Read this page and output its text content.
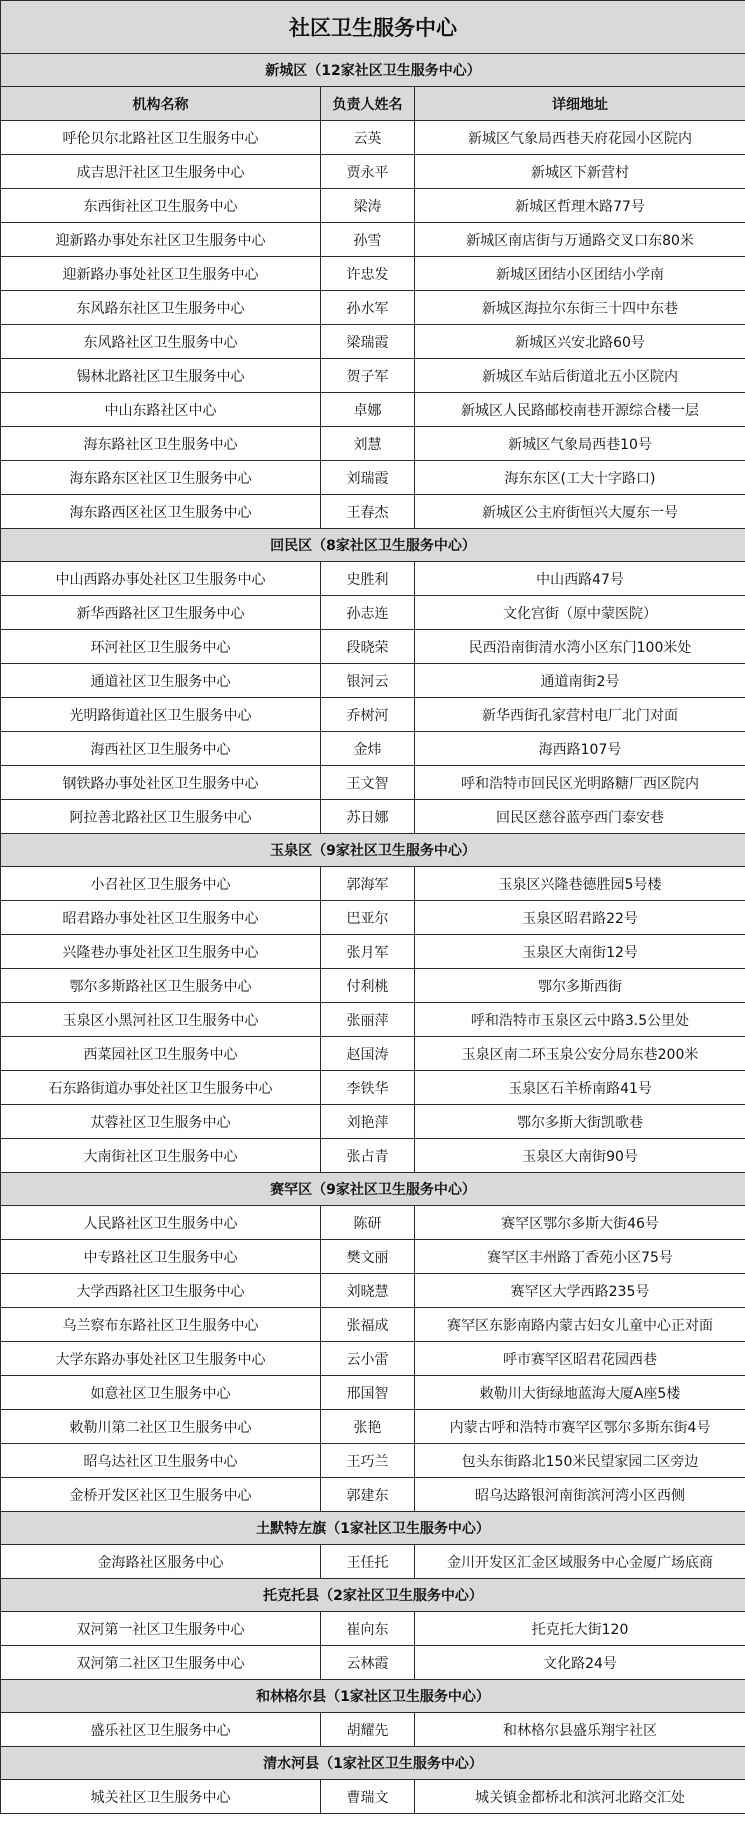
社区卫生服务中心		
新城区（12家社区卫生服务中心）		
机构名称	负责人姓名	详细地址
呼伦贝尔北路社区卫生服务中心	云英	新城区气象局西巷天府花园小区院内
成吉思汗社区卫生服务中心	贾永平	新城区下新营村
东西街社区卫生服务中心	梁涛	新城区哲理木路77号
迎新路办事处东社区卫生服务中心	孙雪	新城区南店街与万通路交叉口东80米
迎新路办事处社区卫生服务中心	许忠发	新城区团结小区团结小学南
东风路东社区卫生服务中心	孙水军	新城区海拉尔东街三十四中东巷
东风路社区卫生服务中心	梁瑞霞	新城区兴安北路60号
锡林北路社区卫生服务中心	贺子军	新城区车站后街道北五小区院内
中山东路社区中心	卓娜	新城区人民路邮校南巷开源综合楼一层
海东路社区卫生服务中心	刘慧	新城区气象局西巷10号
海东路东区社区卫生服务中心	刘瑞霞	海东东区(工大十字路口)
海东路西区社区卫生服务中心	王春杰	新城区公主府街恒兴大厦东一号
回民区（8家社区卫生服务中心）		
中山西路办事处社区卫生服务中心	史胜利	中山西路47号
新华西路社区卫生服务中心	孙志连	文化宫街（原中蒙医院）
环河社区卫生服务中心	段晓荣	民西沿南街清水湾小区东门100米处
通道社区卫生服务中心	银河云	通道南街2号
光明路街道社区卫生服务中心	乔树河	新华西街孔家营村电厂北门对面
海西社区卫生服务中心	金炜	海西路107号
钢铁路办事处社区卫生服务中心	王文智	呼和浩特市回民区光明路糖厂西区院内
阿拉善北路社区卫生服务中心	苏日娜	回民区慈谷蓝亭西门泰安巷
玉泉区（9家社区卫生服务中心）		
小召社区卫生服务中心	郭海军	玉泉区兴隆巷德胜园5号楼
昭君路办事处社区卫生服务中心	巴亚尔	玉泉区昭君路22号
兴隆巷办事处社区卫生服务中心	张月军	玉泉区大南街12号
鄂尔多斯路社区卫生服务中心	付利桃	鄂尔多斯西街
玉泉区小黑河社区卫生服务中心	张丽萍	呼和浩特市玉泉区云中路3.5公里处
西菜园社区卫生服务中心	赵国涛	玉泉区南二环玉泉公安分局东巷200米
石东路街道办事处社区卫生服务中心	李铁华	玉泉区石羊桥南路41号
苁蓉社区卫生服务中心	刘艳萍	鄂尔多斯大街凯歌巷
大南街社区卫生服务中心	张占青	玉泉区大南街90号
赛罕区（9家社区卫生服务中心）		
人民路社区卫生服务中心	陈研	赛罕区鄂尔多斯大街46号
中专路社区卫生服务中心	樊文丽	赛罕区丰州路丁香苑小区75号
大学西路社区卫生服务中心	刘晓慧	赛罕区大学西路235号
乌兰察布东路社区卫生服务中心	张福成	赛罕区东影南路内蒙古妇女儿童中心正对面
大学东路办事处社区卫生服务中心	云小雷	呼市赛罕区昭君花园西巷
如意社区卫生服务中心	邢国智	敕勒川大街绿地蓝海大厦A座5楼
敕勒川第二社区卫生服务中心	张艳	内蒙古呼和浩特市赛罕区鄂尔多斯东街4号
昭乌达社区卫生服务中心	王巧兰	包头东街路北150米民望家园二区旁边
金桥开发区社区卫生服务中心	郭建东	昭乌达路银河南街滨河湾小区西侧
土默特左旗（1家社区卫生服务中心）		
金海路社区服务中心	王任托	金川开发区汇金区域服务中心金厦广场底商
托克托县（2家社区卫生服务中心）		
双河第一社区卫生服务中心	崔向东	托克托大街120
双河第二社区卫生服务中心	云林霞	文化路24号
和林格尔县（1家社区卫生服务中心）		
盛乐社区卫生服务中心	胡耀先	和林格尔县盛乐翔宇社区
清水河县（1家社区卫生服务中心）		
城关社区卫生服务中心	曹瑞文	城关镇金都桥北和滨河北路交汇处
